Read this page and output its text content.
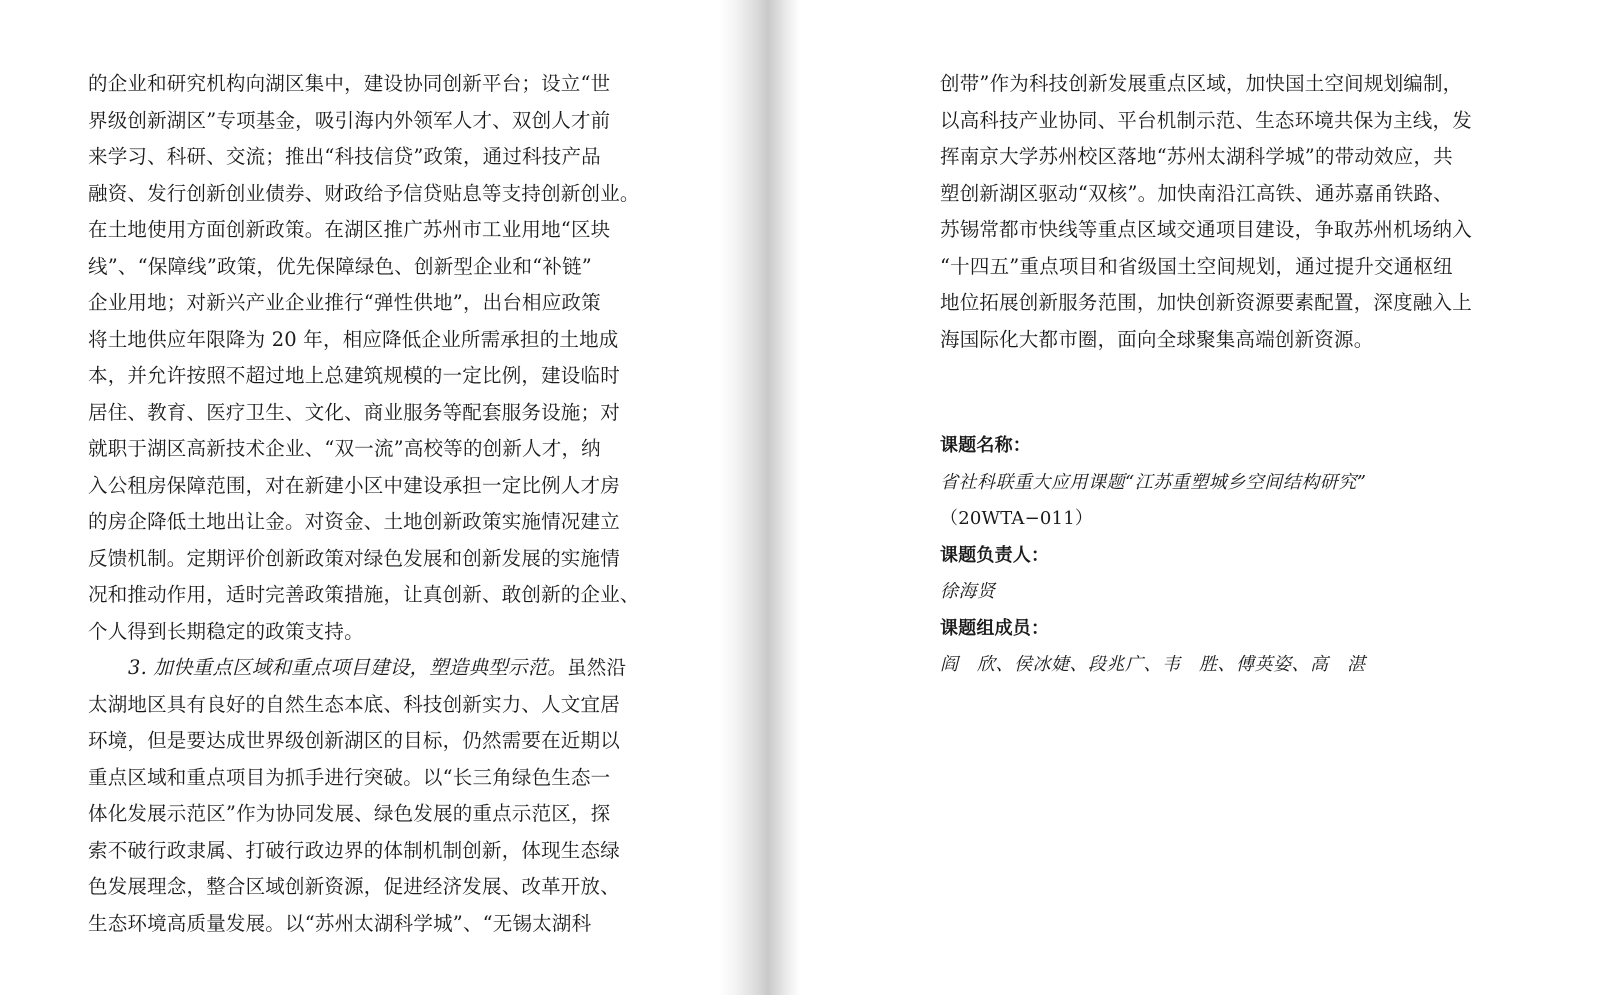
的企业和研究机构向湖区集中，建设协同创新平台；设立“世

界级创新湖区”专项基金，吸引海内外领军人才、双创人才前

来学习、科研、交流；推出“科技信贷”政策，通过科技产品

融资、发行创新创业债券、财政给予信贷贴息等支持创新创业。

在土地使用方面创新政策。在湖区推广苏州市工业用地“区块

线”、“保障线”政策，优先保障绿色、创新型企业和“补链”

企业用地；对新兴产业企业推行“弹性供地”，出台相应政策

将土地供应年限降为 20 年，相应降低企业所需承担的土地成

本，并允许按照不超过地上总建筑规模的一定比例，建设临时

居住、教育、医疗卫生、文化、商业服务等配套服务设施；对

就职于湖区高新技术企业、“双一流”高校等的创新人才，纳

入公租房保障范围，对在新建小区中建设承担一定比例人才房

的房企降低土地出让金。对资金、土地创新政策实施情况建立

反馈机制。定期评价创新政策对绿色发展和创新发展的实施情

况和推动作用，适时完善政策措施，让真创新、敢创新的企业、

个人得到长期稳定的政策支持。

3. 加快重点区域和重点项目建设，塑造典型示范。虽然沿

太湖地区具有良好的自然生态本底、科技创新实力、人文宜居

环境，但是要达成世界级创新湖区的目标，仍然需要在近期以

重点区域和重点项目为抓手进行突破。以“长三角绿色生态一

体化发展示范区”作为协同发展、绿色发展的重点示范区，探

索不破行政隶属、打破行政边界的体制机制创新，体现生态绿

色发展理念，整合区域创新资源，促进经济发展、改革开放、

生态环境高质量发展。以“苏州太湖科学城”、“无锡太湖科

创带”作为科技创新发展重点区域，加快国土空间规划编制，

以高科技产业协同、平台机制示范、生态环境共保为主线，发

挥南京大学苏州校区落地“苏州太湖科学城”的带动效应，共

塑创新湖区驱动“双核”。加快南沿江高铁、通苏嘉甬铁路、

苏锡常都市快线等重点区域交通项目建设，争取苏州机场纳入

“十四五”重点项目和省级国土空间规划，通过提升交通枢纽

地位拓展创新服务范围，加快创新资源要素配置，深度融入上

海国际化大都市圈，面向全球聚集高端创新资源。

课题名称：

省社科联重大应用课题“江苏重塑城乡空间结构研究”

（20WTA−011）

课题负责人：

徐海贤

课题组成员：

阎　欣、侯冰婕、段兆广、韦　胜、傅英姿、高　湛
